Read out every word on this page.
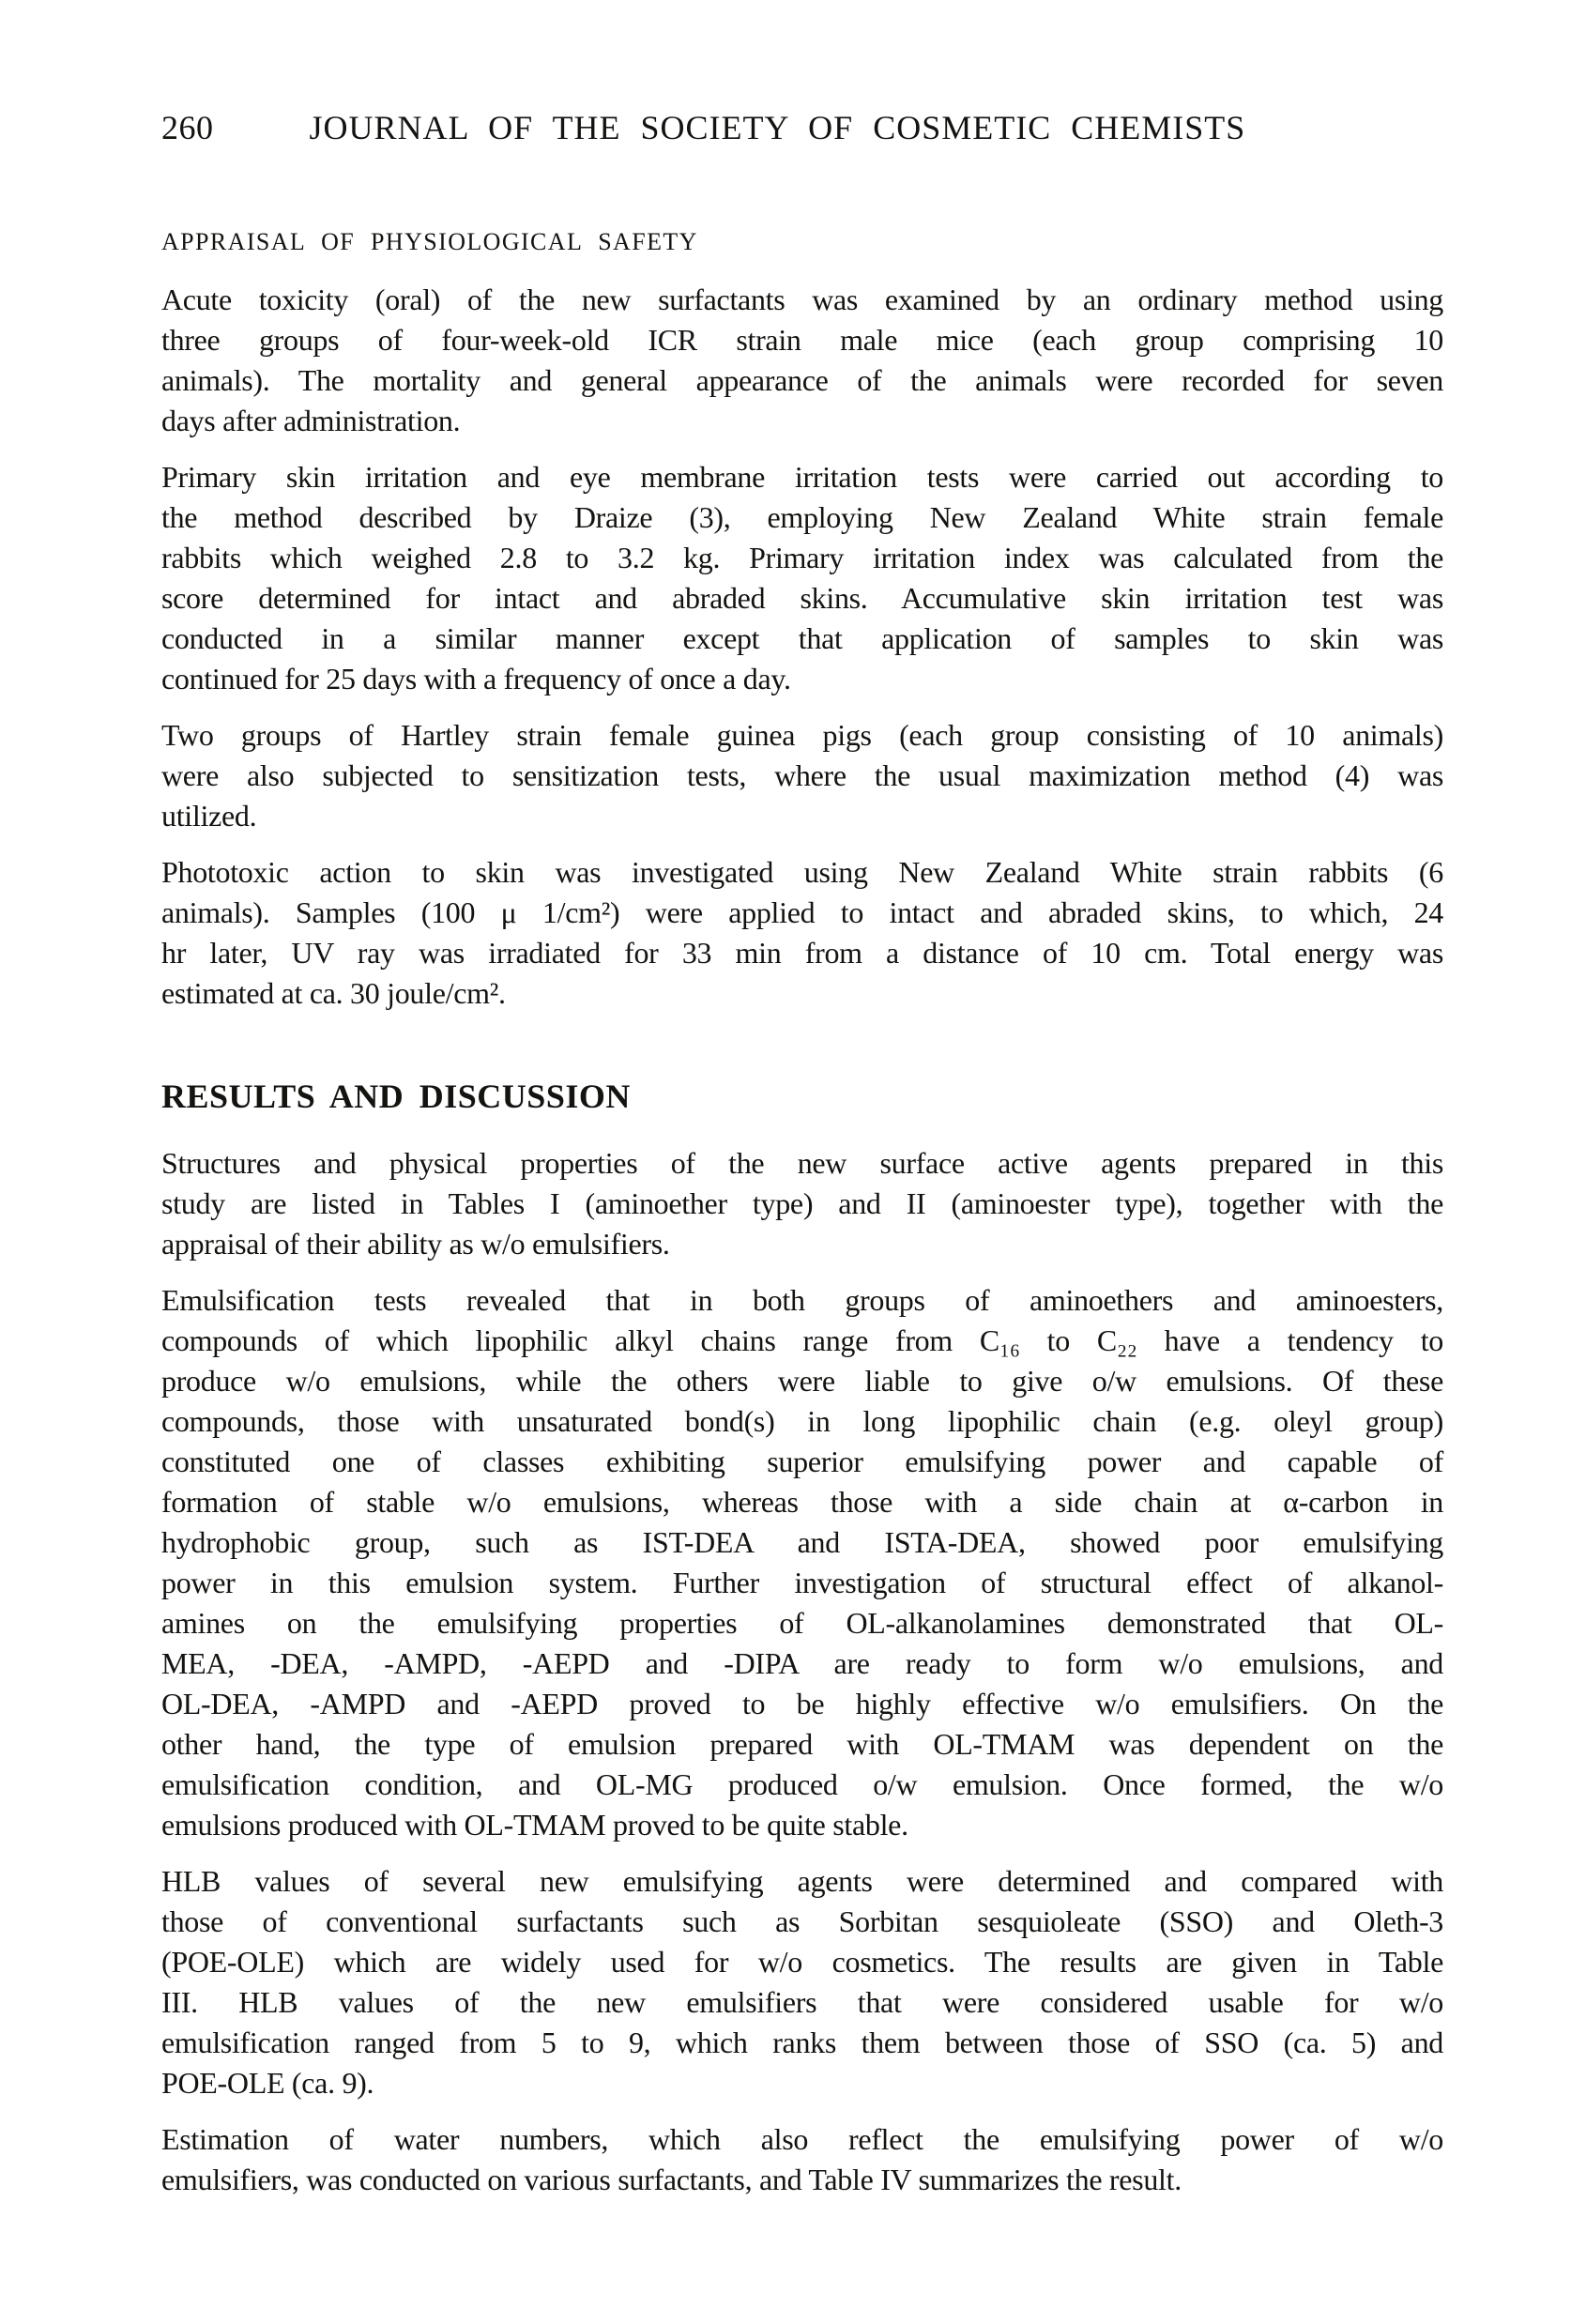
260	JOURNAL OF THE SOCIETY OF COSMETIC CHEMISTS
APPRAISAL OF PHYSIOLOGICAL SAFETY
Acute toxicity (oral) of the new surfactants was examined by an ordinary method using
three groups of four-week-old ICR strain male mice (each group comprising 10
animals). The mortality and general appearance of the animals were recorded for seven
days after administration.
Primary skin irritation and eye membrane irritation tests were carried out according to
the method described by Draize (3), employing New Zealand White strain female
rabbits which weighed 2.8 to 3.2 kg. Primary irritation index was calculated from the
score determined for intact and abraded skins. Accumulative skin irritation test was
conducted in a similar manner except that application of samples to skin was
continued for 25 days with a frequency of once a day.
Two groups of Hartley strain female guinea pigs (each group consisting of 10 animals)
were also subjected to sensitization tests, where the usual maximization method (4) was
utilized.
Phototoxic action to skin was investigated using New Zealand White strain rabbits (6
animals). Samples (100 μ 1/cm²) were applied to intact and abraded skins, to which, 24
hr later, UV ray was irradiated for 33 min from a distance of 10 cm. Total energy was
estimated at ca. 30 joule/cm².
RESULTS AND DISCUSSION
Structures and physical properties of the new surface active agents prepared in this
study are listed in Tables I (aminoether type) and II (aminoester type), together with the
appraisal of their ability as w/o emulsifiers.
Emulsification tests revealed that in both groups of aminoethers and aminoesters,
compounds of which lipophilic alkyl chains range from C₁₆ to C₂₂ have a tendency to
produce w/o emulsions, while the others were liable to give o/w emulsions. Of these
compounds, those with unsaturated bond(s) in long lipophilic chain (e.g. oleyl group)
constituted one of classes exhibiting superior emulsifying power and capable of
formation of stable w/o emulsions, whereas those with a side chain at α-carbon in
hydrophobic group, such as IST-DEA and ISTA-DEA, showed poor emulsifying
power in this emulsion system. Further investigation of structural effect of alkanol-
amines on the emulsifying properties of OL-alkanolamines demonstrated that OL-
MEA, -DEA, -AMPD, -AEPD and -DIPA are ready to form w/o emulsions, and
OL-DEA, -AMPD and -AEPD proved to be highly effective w/o emulsifiers. On the
other hand, the type of emulsion prepared with OL-TMAM was dependent on the
emulsification condition, and OL-MG produced o/w emulsion. Once formed, the w/o
emulsions produced with OL-TMAM proved to be quite stable.
HLB values of several new emulsifying agents were determined and compared with
those of conventional surfactants such as Sorbitan sesquioleate (SSO) and Oleth-3
(POE-OLE) which are widely used for w/o cosmetics. The results are given in Table
III. HLB values of the new emulsifiers that were considered usable for w/o
emulsification ranged from 5 to 9, which ranks them between those of SSO (ca. 5) and
POE-OLE (ca. 9).
Estimation of water numbers, which also reflect the emulsifying power of w/o
emulsifiers, was conducted on various surfactants, and Table IV summarizes the result.
